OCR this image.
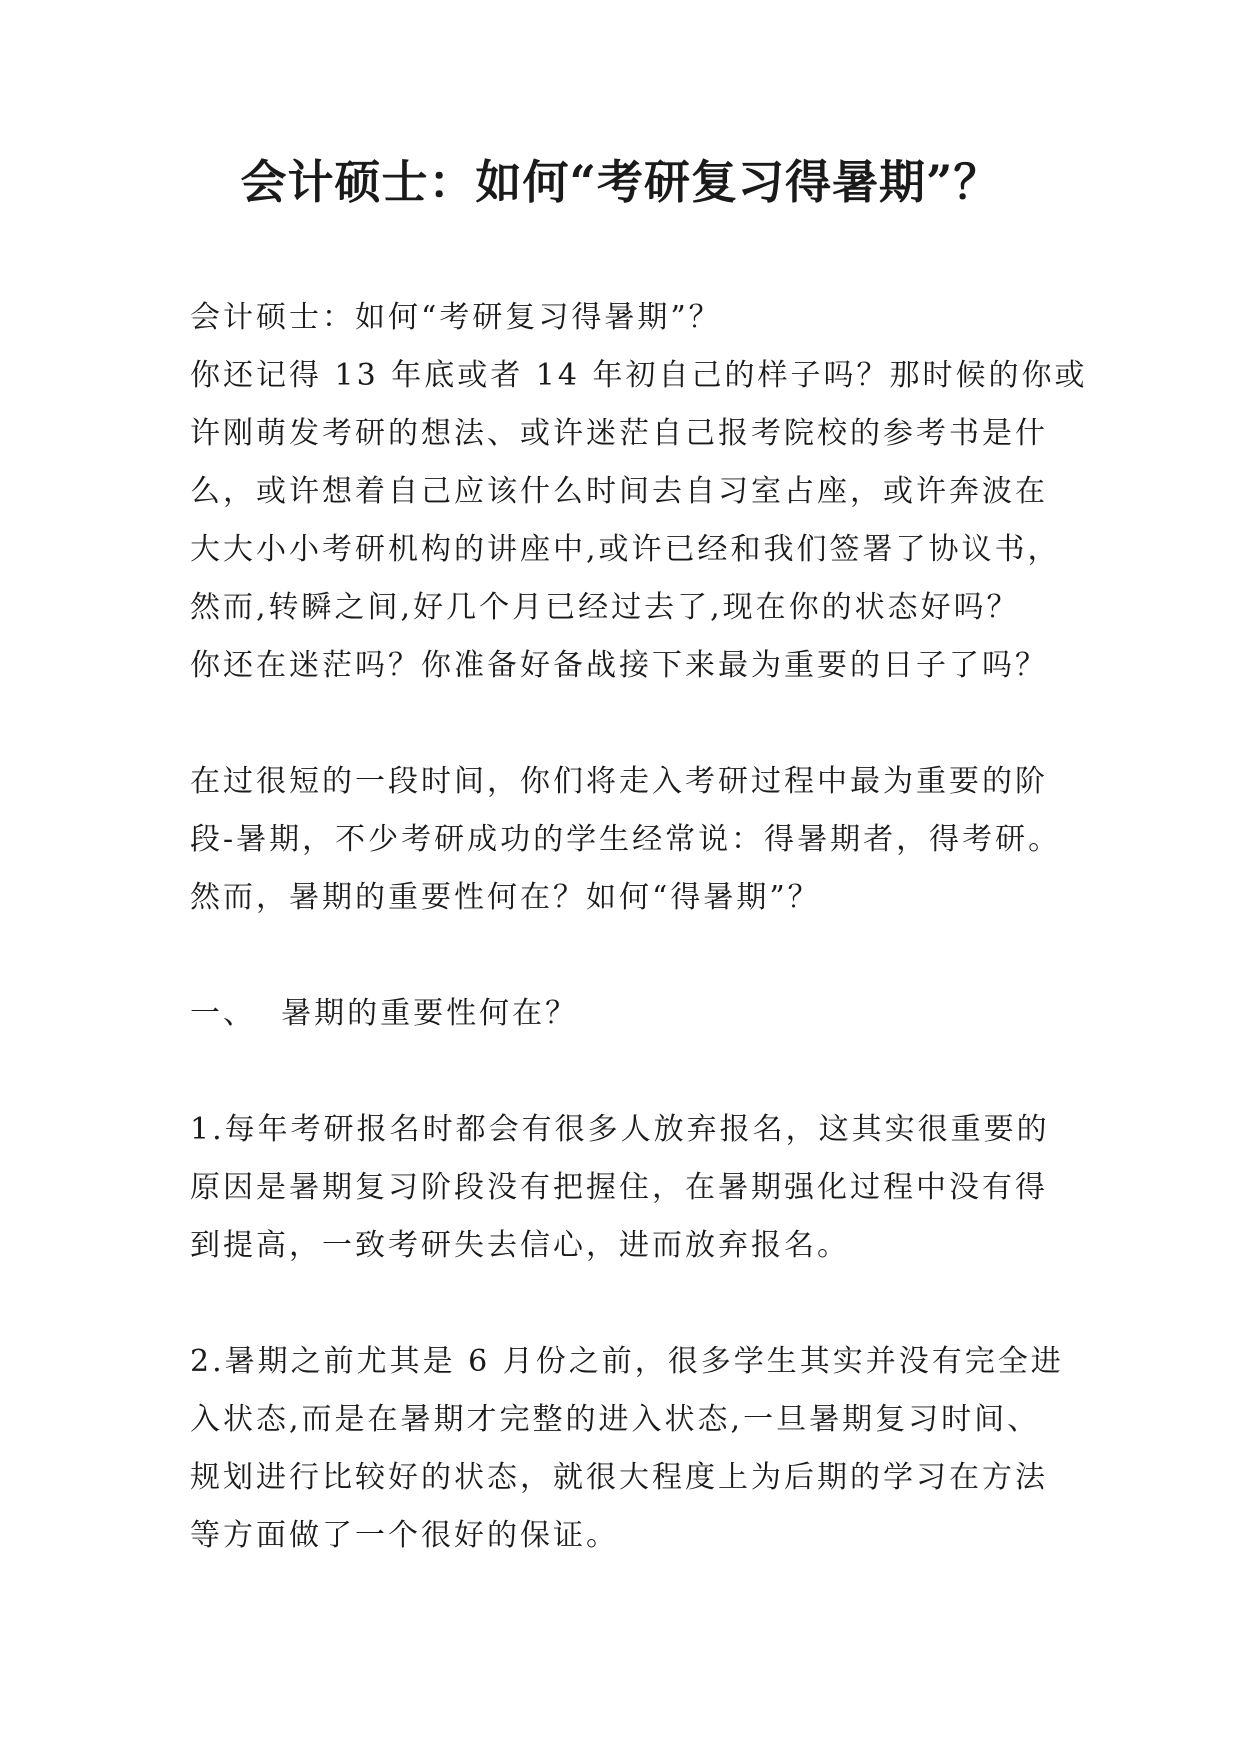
会计硕士：如何“考研复习得暑期”？
会计硕士：如何“考研复习得暑期”？
你还记得 13 年底或者 14 年初自己的样子吗？那时候的你或
许刚萌发考研的想法、或许迷茫自己报考院校的参考书是什
么，或许想着自己应该什么时间去自习室占座，或许奔波在
大大小小考研机构的讲座中,或许已经和我们签署了协议书，
然而,转瞬之间,好几个月已经过去了,现在你的状态好吗？
你还在迷茫吗？你准备好备战接下来最为重要的日子了吗？
在过很短的一段时间，你们将走入考研过程中最为重要的阶
段-暑期，不少考研成功的学生经常说：得暑期者，得考研。
然而，暑期的重要性何在？如何“得暑期”？
一、  暑期的重要性何在？
1.每年考研报名时都会有很多人放弃报名，这其实很重要的
原因是暑期复习阶段没有把握住，在暑期强化过程中没有得
到提高，一致考研失去信心，进而放弃报名。
2.暑期之前尤其是 6 月份之前，很多学生其实并没有完全进
入状态,而是在暑期才完整的进入状态,一旦暑期复习时间、
规划进行比较好的状态，就很大程度上为后期的学习在方法
等方面做了一个很好的保证。
